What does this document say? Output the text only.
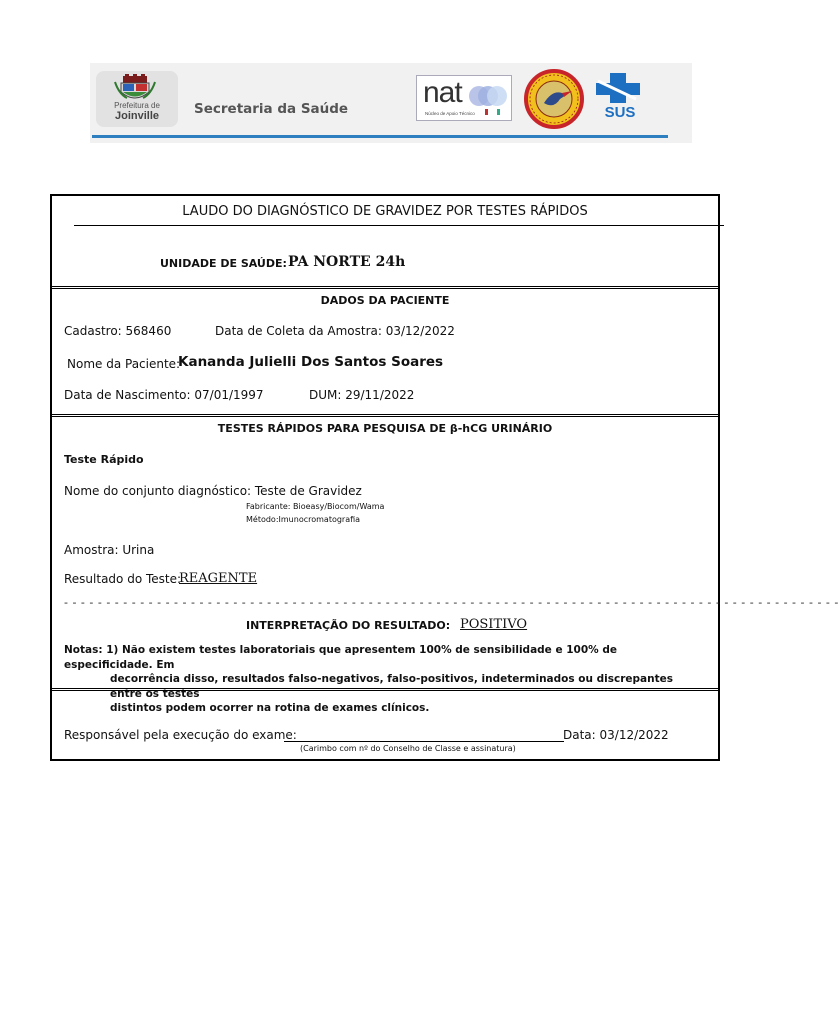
Prefeitura de
Joinville	Secretaria da Saúde nat
Núcleo de Apoio Técnico	SUS
LAUDO DO DIAGNÓSTICO DE GRAVIDEZ POR TESTES RÁPIDOS
UNIDADE DE SAÚDE: PA NORTE 24h
DADOS DA PACIENTE
Cadastro: 568460	Data de Coleta da Amostra: 03/12/2022
Nome da Paciente:
Kananda Julielli Dos Santos Soares
Data de Nascimento: 07/01/1997	DUM: 29/11/2022
TESTES RÁPIDOS PARA PESQUISA DE β-hCG URINÁRIO
Teste Rápido
Nome do conjunto diagnóstico: Teste de Gravidez
Fabricante: Bioeasy/Biocom/Wama
Método:Imunocromatografia
Amostra: Urina
Resultado do Teste:
REAGENTE
- - - - - - - - - - - - - - - - - - - - - - - - - - - - - - - - - - - - - - - - - - - - - - - - - - - - - - - - - - - - - - - - - - - - - - - - - - - - - - - - - - - - - - - - - - - -
INTERPRETAÇÃO DO RESULTADO: POSITIVO
Notas: 1) Não existem testes laboratoriais que apresentem 100% de sensibilidade e 100% de especificidade. Em
decorrência disso, resultados falso-negativos, falso-positivos, indeterminados ou discrepantes entre os testes
distintos podem ocorrer na rotina de exames clínicos.
Responsável pela execução do exame:	Data: 03/12/2022
(Carimbo com nº do Conselho de Classe e assinatura)
